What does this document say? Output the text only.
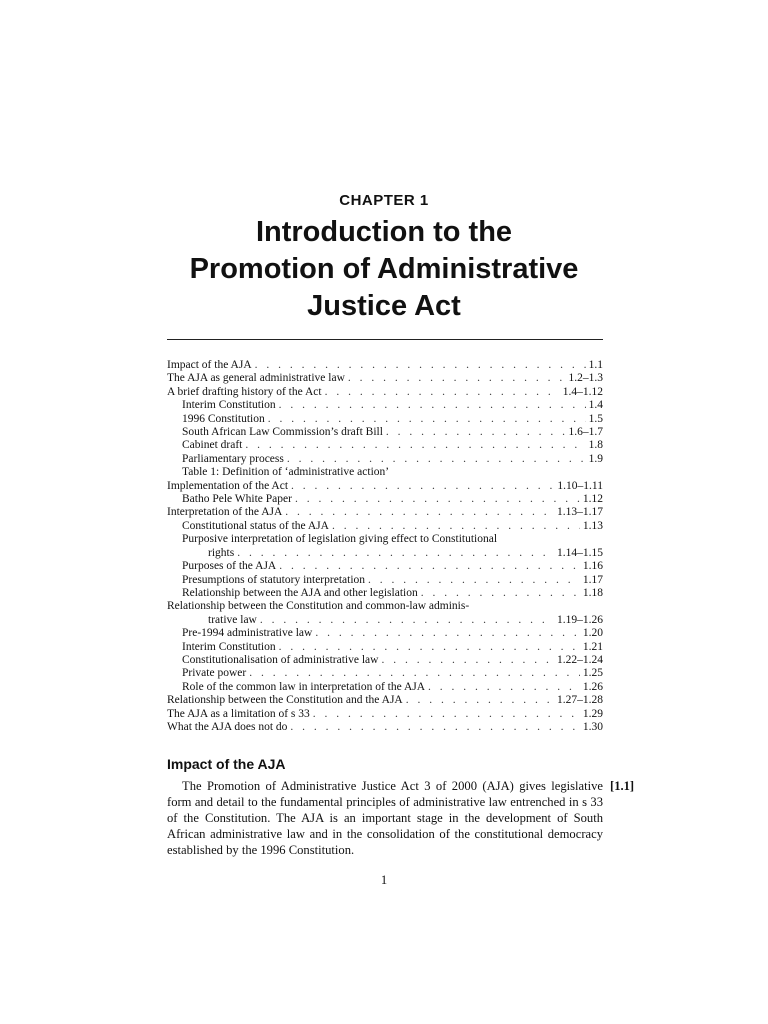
CHAPTER 1
Introduction to the
Promotion of Administrative
Justice Act
Impact of the AJA . . .	1.1
The AJA as general administrative law . . .	1.2–1.3
A brief drafting history of the Act . . .	1.4–1.12
Interim Constitution . . .	1.4
1996 Constitution . . .	1.5
South African Law Commission’s draft Bill . . .	1.6–1.7
Cabinet draft . . .	1.8
Parliamentary process . . .	1.9
Table 1: Definition of ‘administrative action’
Implementation of the Act . . .	1.10–1.11
Batho Pele White Paper . . .	1.12
Interpretation of the AJA . . .	1.13–1.17
Constitutional status of the AJA . . .	1.13
Purposive interpretation of legislation giving effect to Constitutional
rights . . .	1.14–1.15
Purposes of the AJA . . .	1.16
Presumptions of statutory interpretation . . .	1.17
Relationship between the AJA and other legislation . . .	1.18
Relationship between the Constitution and common-law adminis-
trative law . . .	1.19–1.26
Pre-1994 administrative law . . .	1.20
Interim Constitution . . .	1.21
Constitutionalisation of administrative law . . .	1.22–1.24
Private power . . .	1.25
Role of the common law in interpretation of the AJA . . .	1.26
Relationship between the Constitution and the AJA . . .	1.27–1.28
The AJA as a limitation of s 33 . . .	1.29
What the AJA does not do . . .	1.30
Impact of the AJA
[1.1]
The Promotion of Administrative Justice Act 3 of 2000 (AJA) gives legislative form and detail to the fundamental principles of administrative law entrenched in s 33 of the Constitution. The AJA is an important stage in the development of South African administrative law and in the consolidation of the constitutional democracy established by the 1996 Constitution.
1
